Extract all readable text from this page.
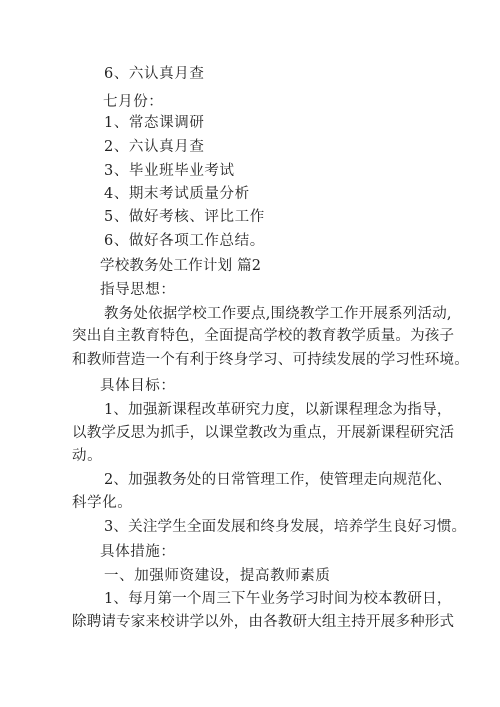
6、六认真月查
七月份：
1、常态课调研
2、六认真月查
3、毕业班毕业考试
4、期末考试质量分析
5、做好考核、评比工作
6、做好各项工作总结。
学校教务处工作计划 篇2
指导思想：
教务处依据学校工作要点,围绕教学工作开展系列活动,
突出自主教育特色，全面提高学校的教育教学质量。为孩子
和教师营造一个有利于终身学习、可持续发展的学习性环境。
具体目标：
1、加强新课程改革研究力度，以新课程理念为指导，
以教学反思为抓手，以课堂教改为重点，开展新课程研究活
动。
2、加强教务处的日常管理工作，使管理走向规范化、
科学化。
3、关注学生全面发展和终身发展，培养学生良好习惯。
具体措施：
一、加强师资建设，提高教师素质
1、每月第一个周三下午业务学习时间为校本教研日，
除聘请专家来校讲学以外，由各教研大组主持开展多种形式
